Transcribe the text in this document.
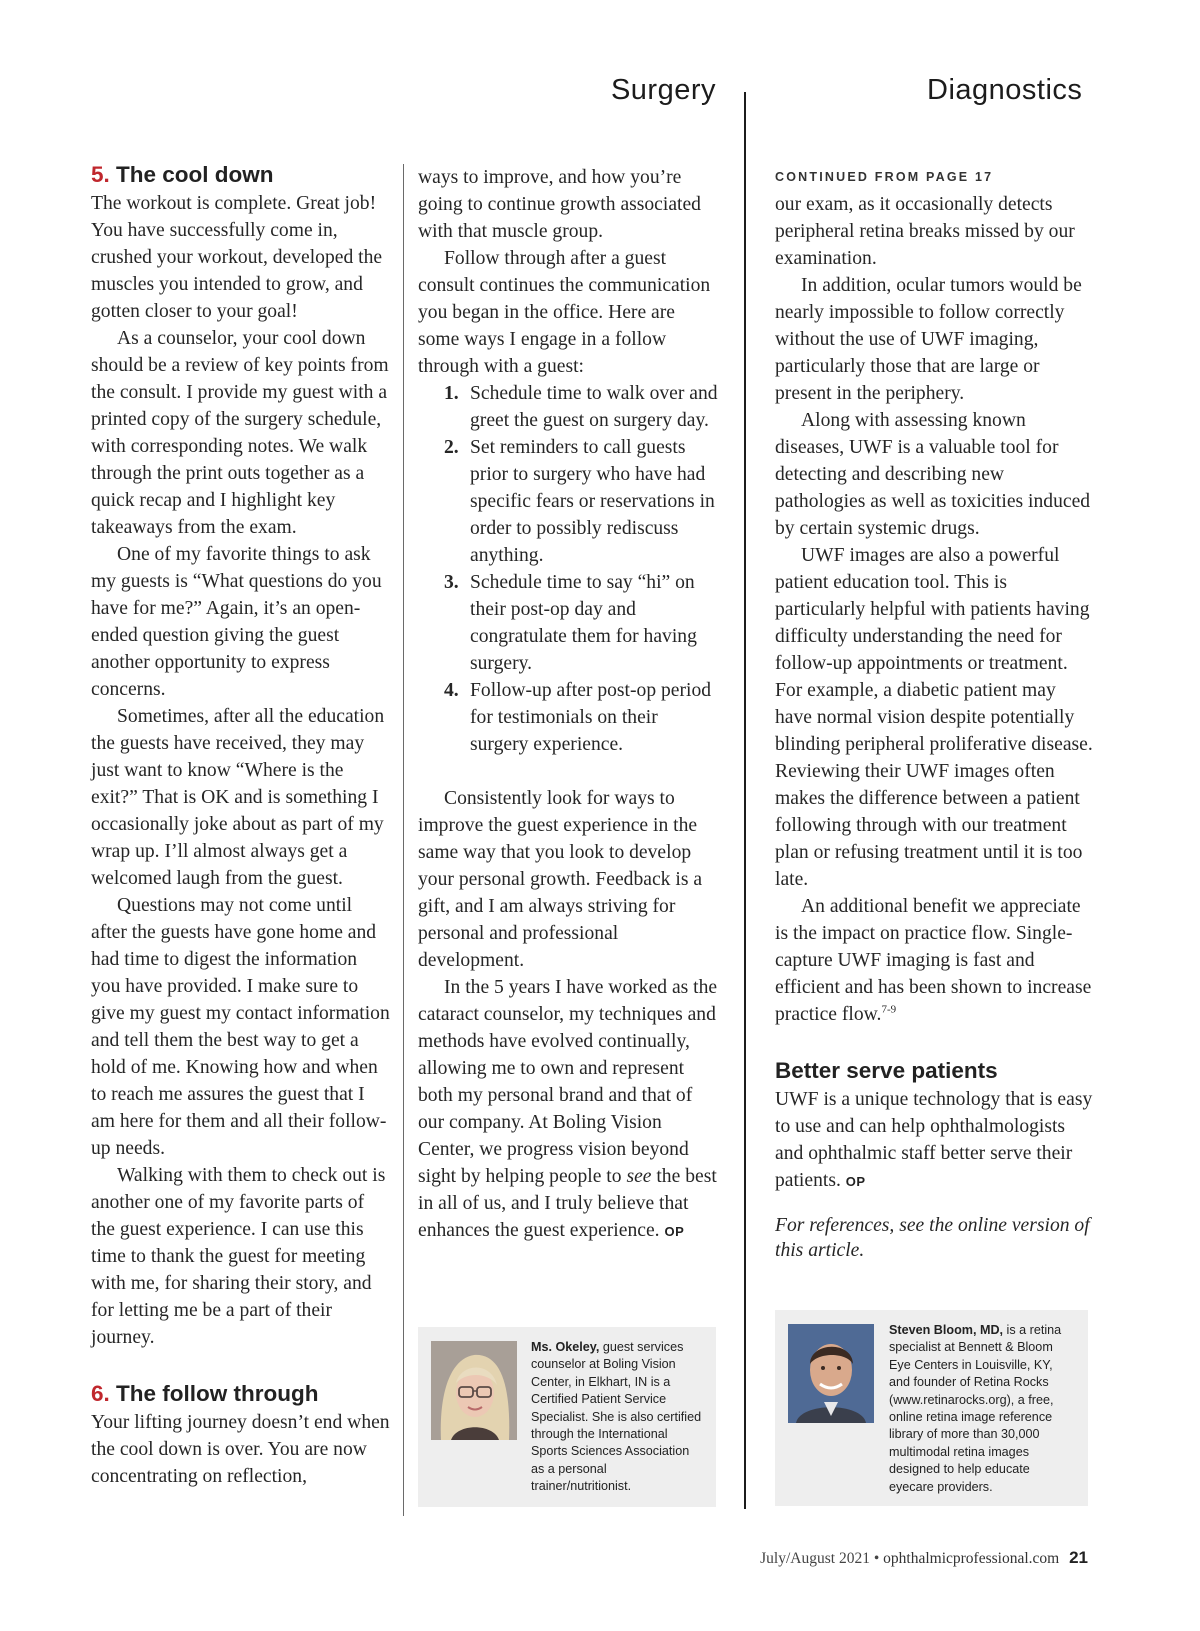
Surgery	Diagnostics
5. The cool down

The workout is complete. Great job! You have successfully come in, crushed your workout, developed the muscles you intended to grow, and gotten closer to your goal!

As a counselor, your cool down should be a review of key points from the consult. I provide my guest with a printed copy of the surgery schedule, with corresponding notes. We walk through the print outs together as a quick recap and I highlight key takeaways from the exam.

One of my favorite things to ask my guests is “What questions do you have for me?” Again, it’s an open-ended question giving the guest another opportunity to express concerns.

Sometimes, after all the education the guests have received, they may just want to know “Where is the exit?” That is OK and is something I occasionally joke about as part of my wrap up. I’ll almost always get a welcomed laugh from the guest.

Questions may not come until after the guests have gone home and had time to digest the information you have provided. I make sure to give my guest my contact information and tell them the best way to get a hold of me. Knowing how and when to reach me assures the guest that I am here for them and all their follow-up needs.

Walking with them to check out is another one of my favorite parts of the guest experience. I can use this time to thank the guest for meeting with me, for sharing their story, and for letting me be a part of their journey.

6. The follow through

Your lifting journey doesn’t end when the cool down is over. You are now concentrating on reflection,

ways to improve, and how you’re going to continue growth associated with that muscle group.

Follow through after a guest consult continues the communication you began in the office. Here are some ways I engage in a follow through with a guest:

1. Schedule time to walk over and greet the guest on surgery day.
2. Set reminders to call guests prior to surgery who have had specific fears or reservations in order to possibly rediscuss anything.
3. Schedule time to say “hi” on their post-op day and congratulate them for having surgery.
4. Follow-up after post-op period for testimonials on their surgery experience.

Consistently look for ways to improve the guest experience in the same way that you look to develop your personal growth. Feedback is a gift, and I am always striving for personal and professional development.

In the 5 years I have worked as the cataract counselor, my techniques and methods have evolved continually, allowing me to own and represent both my personal brand and that of our company. At Boling Vision Center, we progress vision beyond sight by helping people to see the best in all of us, and I truly believe that enhances the guest experience. OP

Ms. Okeley, guest services counselor at Boling Vision Center, in Elkhart, IN is a Certified Patient Service Specialist. She is also certified through the International Sports Sciences Association as a personal trainer/nutritionist.

CONTINUED FROM PAGE 17

our exam, as it occasionally detects peripheral retina breaks missed by our examination.

In addition, ocular tumors would be nearly impossible to follow correctly without the use of UWF imaging, particularly those that are large or present in the periphery.

Along with assessing known diseases, UWF is a valuable tool for detecting and describing new pathologies as well as toxicities induced by certain systemic drugs.

UWF images are also a powerful patient education tool. This is particularly helpful with patients having difficulty understanding the need for follow-up appointments or treatment. For example, a diabetic patient may have normal vision despite potentially blinding peripheral proliferative disease. Reviewing their UWF images often makes the difference between a patient following through with our treatment plan or refusing treatment until it is too late.

An additional benefit we appreciate is the impact on practice flow. Single-capture UWF imaging is fast and efficient and has been shown to increase practice flow.$^{7-9}$

Better serve patients

UWF is a unique technology that is easy to use and can help ophthalmologists and ophthalmic staff better serve their patients. OP

For references, see the online version of this article.

Steven Bloom, MD, is a retina specialist at Bennett & Bloom Eye Centers in Louisville, KY, and founder of Retina Rocks (www.retinarocks.org), a free, online retina image reference library of more than 30,000 multimodal retina images designed to help educate eyecare providers.
July/August 2021 • ophthalmicprofessional.com 21
